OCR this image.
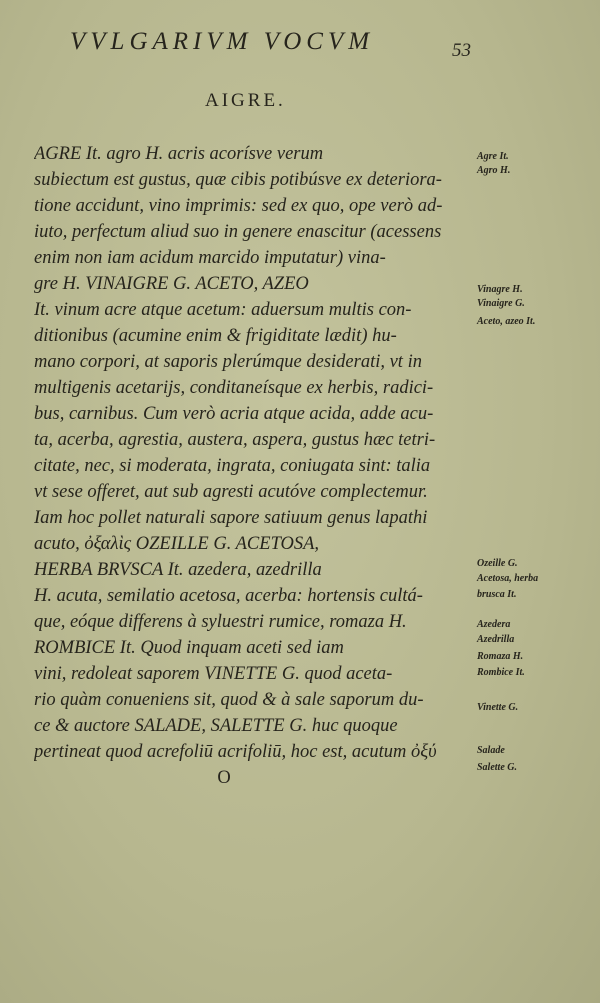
VVLGARIVM VOCVM	53
AIGRE.
AGRE It. agro H. acris acorísve verum
subiectum est gustus, quæ cibis potibúsve ex deteriora-
tione accidunt, vino imprimis: sed ex quo, ope verò ad-
iuto, perfectum aliud suo in genere enascitur (acessens
enim non iam acidum marcido imputatur) vina-
gre H. VINAIGRE G. ACETO, AZEO
It. vinum acre atque acetum: aduersum multis con-
ditionibus (acumine enim & frigiditate lædit) hu-
mano corpori, at saporis plerúmque desiderati, vt in
multigenis acetarijs, conditaneísque ex herbis, radici-
bus, carnibus. Cum verò acria atque acida, adde acu-
ta, acerba, agrestia, austera, aspera, gustus hæc tetri-
citate, nec, si moderata, ingrata, coniugata sint: talia
vt sese offeret, aut sub agresti acutóve complectemur.
Iam hoc pollet naturali sapore satiuum genus lapathi
acuto, ὀξαλὶς OZEILLE G. ACETOSA,
HERBA BRVSCA It. azedera, azedrilla
H. acuta, semilatio acetosa, acerba: hortensis cultá-
que, eóque differens à syluestri rumice, romaza H.
ROMBICE It. Quod inquam aceti sed iam
vini, redoleat saporem VINETTE G. quod aceta-
rio quàm conueniens sit, quod & à sale saporum du-
ce & auctore SALADE, SALETTE G. huc quoque
pertineat quod acrefoliū acrifoliū, hoc est, acutum ὀξύ
O
Agre It.
Agro H.
Vinagre H.
Vinaigre G.
Aceto, azeo It.
Ozeille G.
Acetosa, herba
brusca It.
Azedera
Azedrilla
Romaza H.
Rombice It.
Vinette G.
Salade
Salette G.
